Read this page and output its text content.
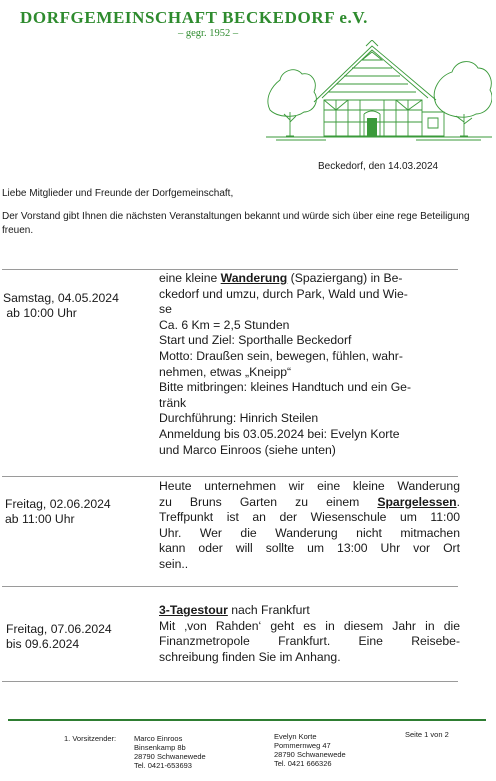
DORFGEMEINSCHAFT BECKEDORF e.V.
– gegr. 1952 –
Beckedorf, den 14.03.2024
Liebe Mitglieder und Freunde der Dorfgemeinschaft,
Der Vorstand gibt Ihnen die nächsten Veranstaltungen bekannt und würde sich über eine rege Beteiligung freuen.
Samstag, 04.05.2024
ab 10:00 Uhr
eine kleine Wanderung (Spaziergang) in Be-
ckedorf und umzu, durch Park, Wald und Wie-
se
Ca. 6 Km = 2,5 Stunden
Start und Ziel: Sporthalle Beckedorf
Motto: Draußen sein, bewegen, fühlen, wahr-
nehmen, etwas „Kneipp“
Bitte mitbringen: kleines Handtuch und ein Ge-
tränk
Durchführung: Hinrich Steilen
Anmeldung bis 03.05.2024 bei: Evelyn Korte
und Marco Einroos (siehe unten)
Freitag, 02.06.2024
ab 11:00 Uhr
Heute unternehmen wir eine kleine Wanderung
zu Bruns Garten zu einem Spargelessen.
Treffpunkt ist an der Wiesenschule um 11:00
Uhr. Wer die Wanderung nicht mitmachen
kann oder will sollte um 13:00 Uhr vor Ort
sein..
Freitag, 07.06.2024
bis 09.6.2024
3-Tagestour nach Frankfurt
Mit ‚von Rahden‘ geht es in diesem Jahr in die
Finanzmetropole Frankfurt. Eine Reisebe-
schreibung finden Sie im Anhang.
1. Vorsitzender: Marco Einroos
Binsenkamp 8b
28790 Schwanewede
Tel. 0421-653693
Evelyn Korte
Pommernweg 47
28790 Schwanewede
Tel. 0421 666326
Seite 1 von 2
